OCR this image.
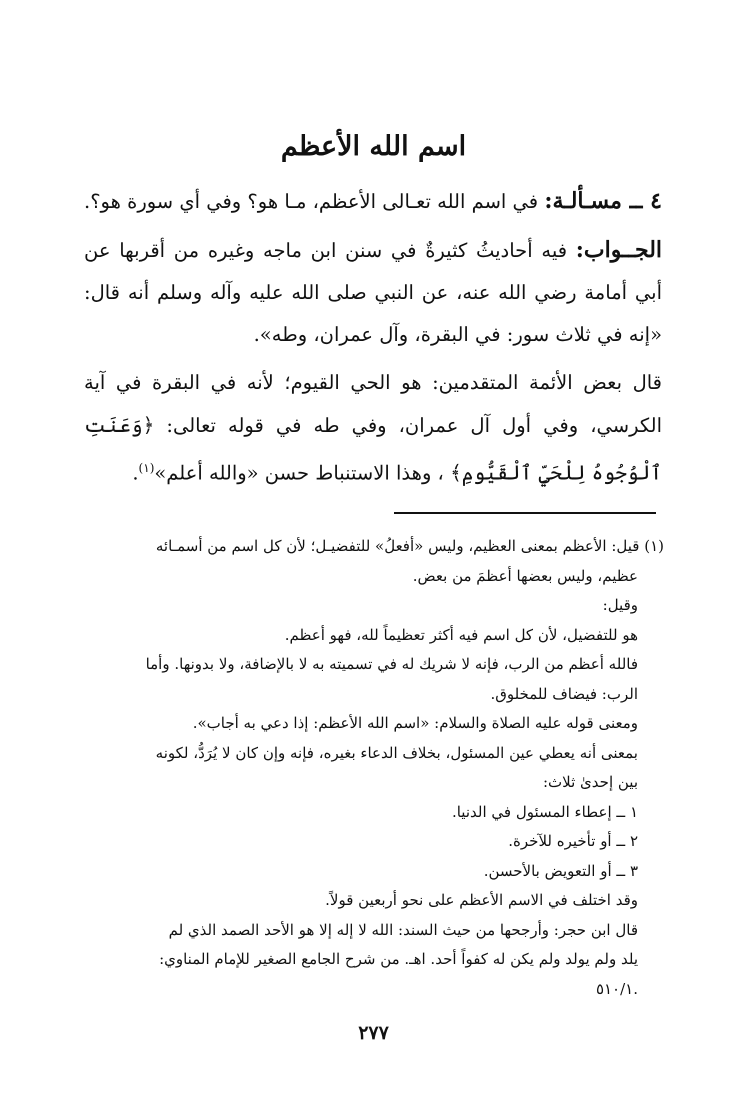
اسم الله الأعظم

٤ ــ مسـألـة: في اسم الله تعـالى الأعظم، مـا هو؟ وفي أي سورة هو؟.

الجــواب: فيه أحاديثُ كثيرةٌ في سنن ابن ماجه وغيره من أقربها عن أبي أمامة رضي الله عنه، عن النبي صلى الله عليه وآله وسلم أنه قال: «إنه في ثلاث سور: في البقرة، وآل عمران، وطه».

قال بعض الأئمة المتقدمين: هو الحي القيوم؛ لأنه في البقرة في آية الكرسي، وفي أول آل عمران، وفي طه في قوله تعالى: ﴿وَعَنَتِ ٱلْوُجُوهُ لِلْحَيِّ ٱلْقَيُّومِ﴾ ، وهذا الاستنباط حسن «والله أعلم»$^{(١)}$.

(١) قيل: الأعظم بمعنى العظيم، وليس «أفعلُ» للتفضيـل؛ لأن كل اسم من أسمـائه

عظيم، وليس بعضها أعظمَ من بعض.

وقيل:

هو للتفضيل، لأن كل اسم فيه أكثر تعظيماً لله، فهو أعظم.

فالله أعظم من الرب، فإنه لا شريك له في تسميته به لا بالإضافة، ولا بدونها. وأما

الرب: فيضاف للمخلوق.

ومعنى قوله عليه الصلاة والسلام: «اسم الله الأعظم: إذا دعي به أجاب».

بمعنى أنه يعطي عين المسئول، بخلاف الدعاء بغيره، فإنه وإن كان لا يُرَدُّ، لكونه

بين إحدىٰ ثلاث:

١ ــ إعطاء المسئول في الدنيا.

٢ ــ أو تأخيره للآخرة.

٣ ــ أو التعويض بالأحسن.

وقد اختلف في الاسم الأعظم على نحو أربعين قولاً.

قال ابن حجر: وأرجحها من حيث السند: الله لا إله إلا هو الأحد الصمد الذي لم

يلد ولم يولد ولم يكن له كفواً أحد. اهـ. من شرح الجامع الصغير للإمام المناوي:

.٥١٠/١

٢٧٧
